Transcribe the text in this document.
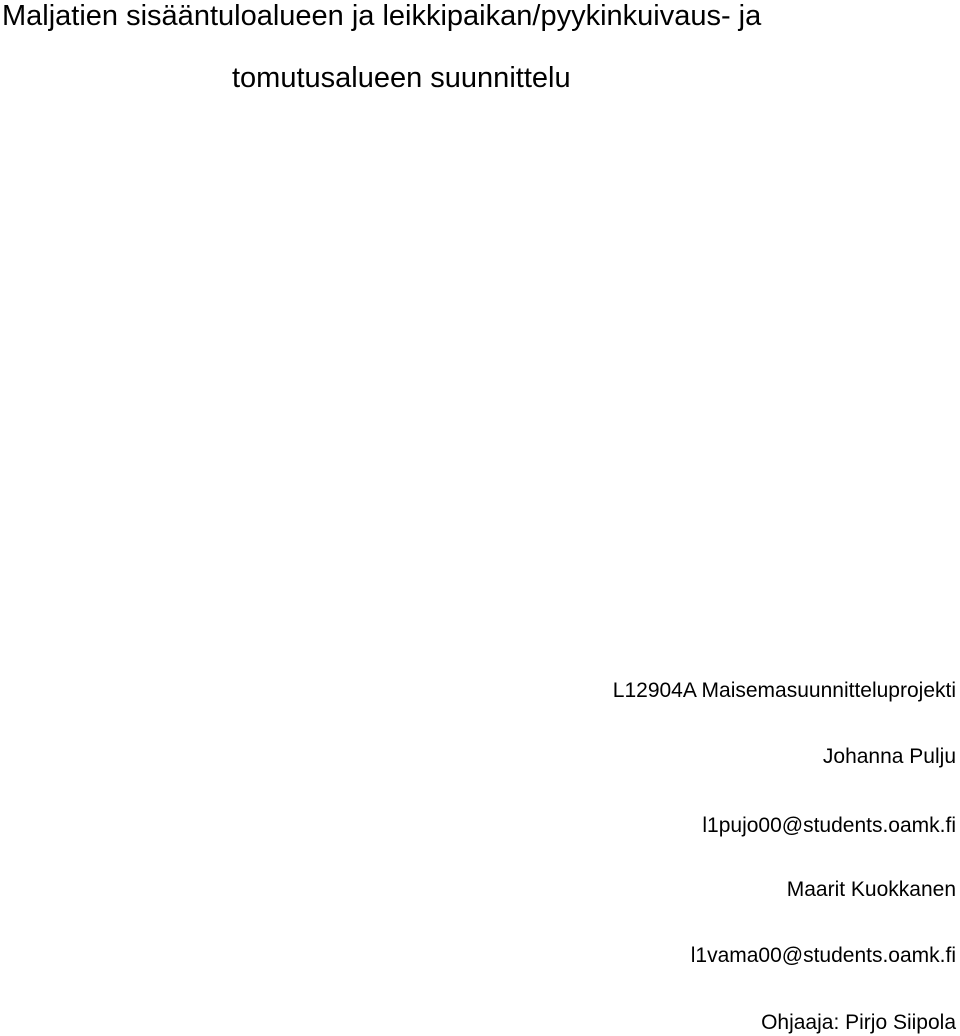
Maljatien sisääntuloalueen ja leikkipaikan/pyykinkuivaus- ja
tomutusalueen suunnittelu

L12904A Maisemasuunnitteluprojekti

Johanna Pulju

l1pujo00@students.oamk.fi

Maarit Kuokkanen

l1vama00@students.oamk.fi

Ohjaaja: Pirjo Siipola
